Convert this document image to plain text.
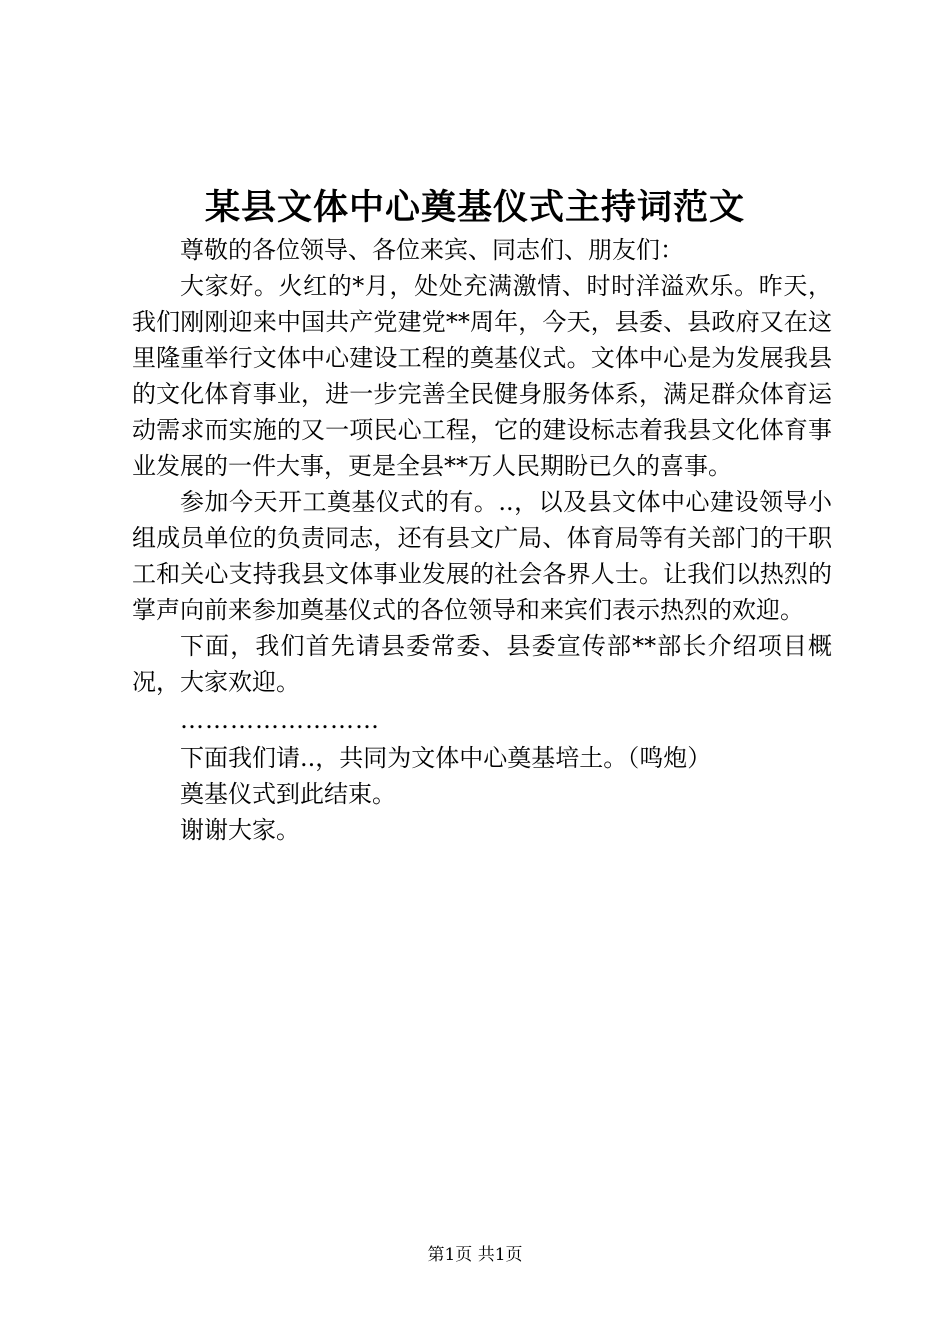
某县文体中心奠基仪式主持词范文

尊敬的各位领导、各位来宾、同志们、朋友们：

大家好。火红的*月，处处充满激情、时时洋溢欢乐。昨天，我们刚刚迎来中国共产党建党**周年，今天，县委、县政府又在这里隆重举行文体中心建设工程的奠基仪式。文体中心是为发展我县的文化体育事业，进一步完善全民健身服务体系，满足群众体育运动需求而实施的又一项民心工程，它的建设标志着我县文化体育事业发展的一件大事，更是全县**万人民期盼已久的喜事。

参加今天开工奠基仪式的有。..，以及县文体中心建设领导小组成员单位的负责同志，还有县文广局、体育局等有关部门的干职工和关心支持我县文体事业发展的社会各界人士。让我们以热烈的掌声向前来参加奠基仪式的各位领导和来宾们表示热烈的欢迎。

下面，我们首先请县委常委、县委宣传部**部长介绍项目概况，大家欢迎。

……………………

下面我们请..，共同为文体中心奠基培土。（鸣炮）

奠基仪式到此结束。

谢谢大家。

第1页 共1页
